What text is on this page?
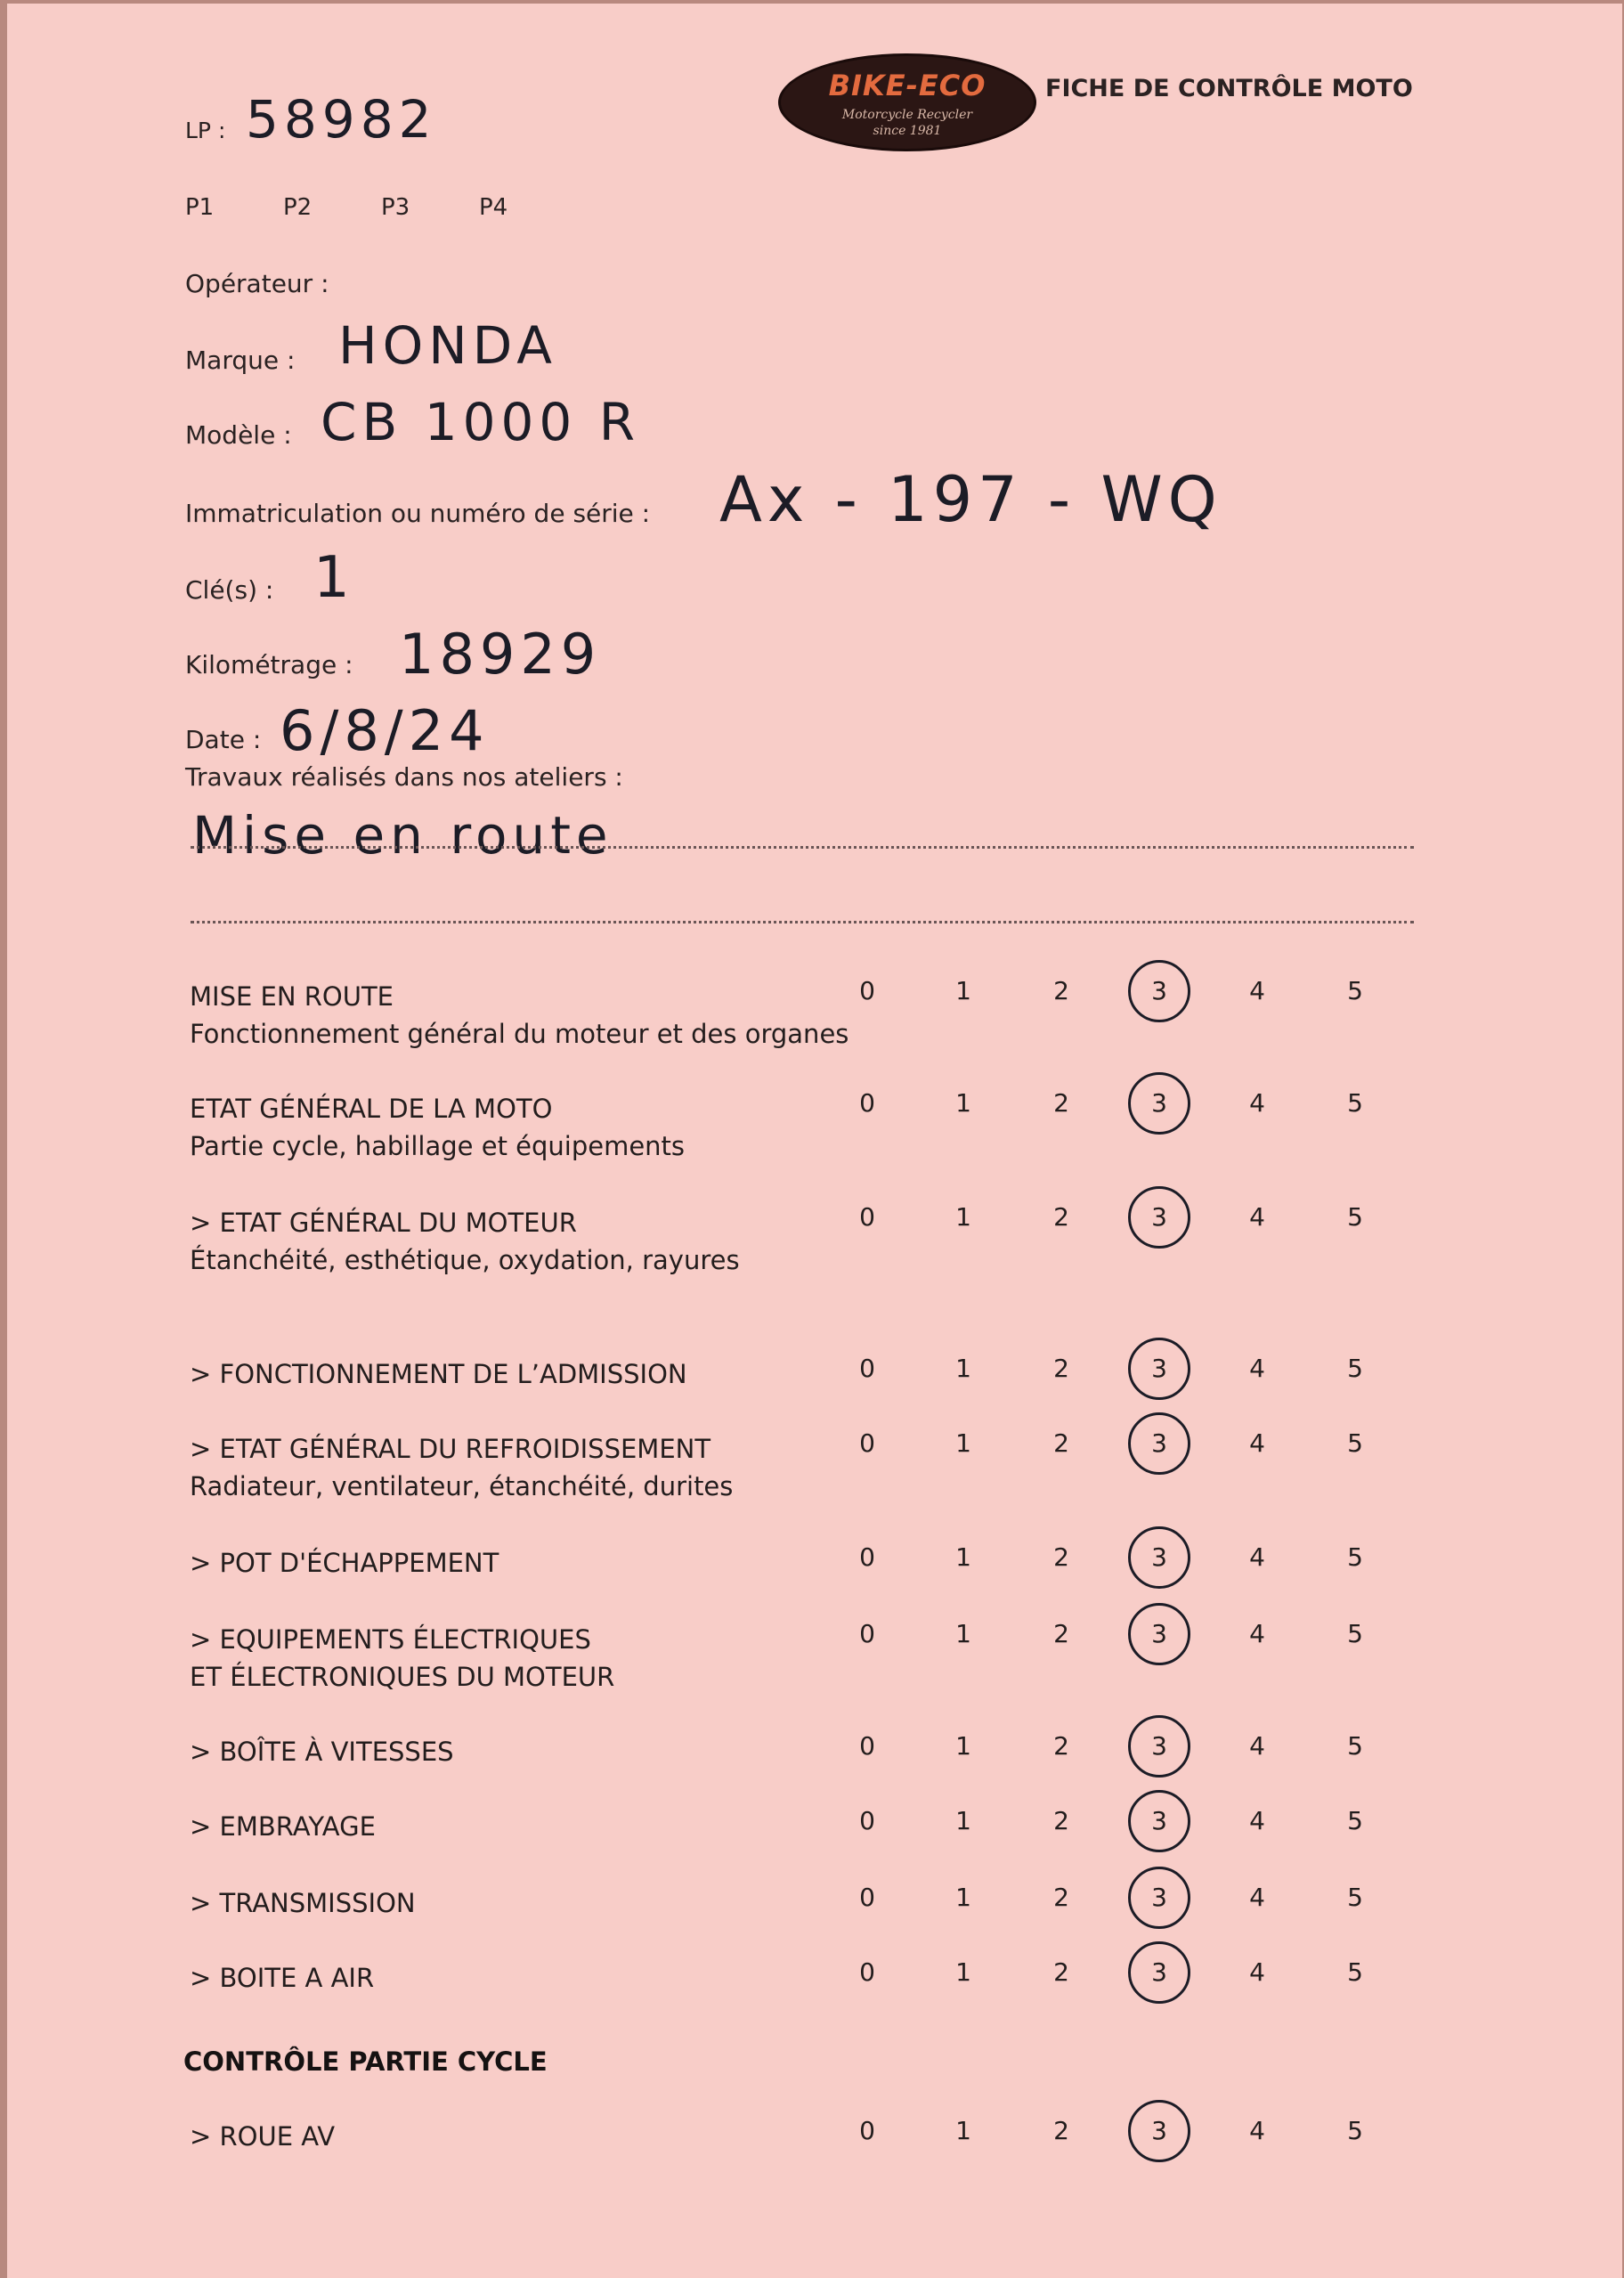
BIKE-ECO
Motorcycle Recycler
since 1981
FICHE DE CONTRÔLE MOTO
LP : 58982
P1	P2	P3	P4
Opérateur :
Marque : HONDA
Modèle : CB 1000 R
Immatriculation ou numéro de série : Ax - 197 - WQ
Clé(s) : 1
Kilométrage : 18929
Date : 6/8/24
Travaux réalisés dans nos ateliers :
Mise en route
MISE EN ROUTE
Fonctionnement général du moteur et des organes
0	1	2	3	4	5
ETAT GÉNÉRAL DE LA MOTO
Partie cycle, habillage et équipements
0	1	2	3	4	5
> ETAT GÉNÉRAL DU MOTEUR
Étanchéité, esthétique, oxydation, rayures
0	1	2	3	4	5
> FONCTIONNEMENT DE L’ADMISSION	0	1	2	3	4	5
> ETAT GÉNÉRAL DU REFROIDISSEMENT
Radiateur, ventilateur, étanchéité, durites
0	1	2	3	4	5
> POT D'ÉCHAPPEMENT	0	1	2	3	4	5
> EQUIPEMENTS ÉLECTRIQUES
ET ÉLECTRONIQUES DU MOTEUR
0	1	2	3	4	5
> BOÎTE À VITESSES	0	1	2	3	4	5
> EMBRAYAGE	0	1	2	3	4	5
> TRANSMISSION	0	1	2	3	4	5
> BOITE A AIR	0	1	2	3	4	5
CONTRÔLE PARTIE CYCLE
> ROUE AV	0	1	2	3	4	5
